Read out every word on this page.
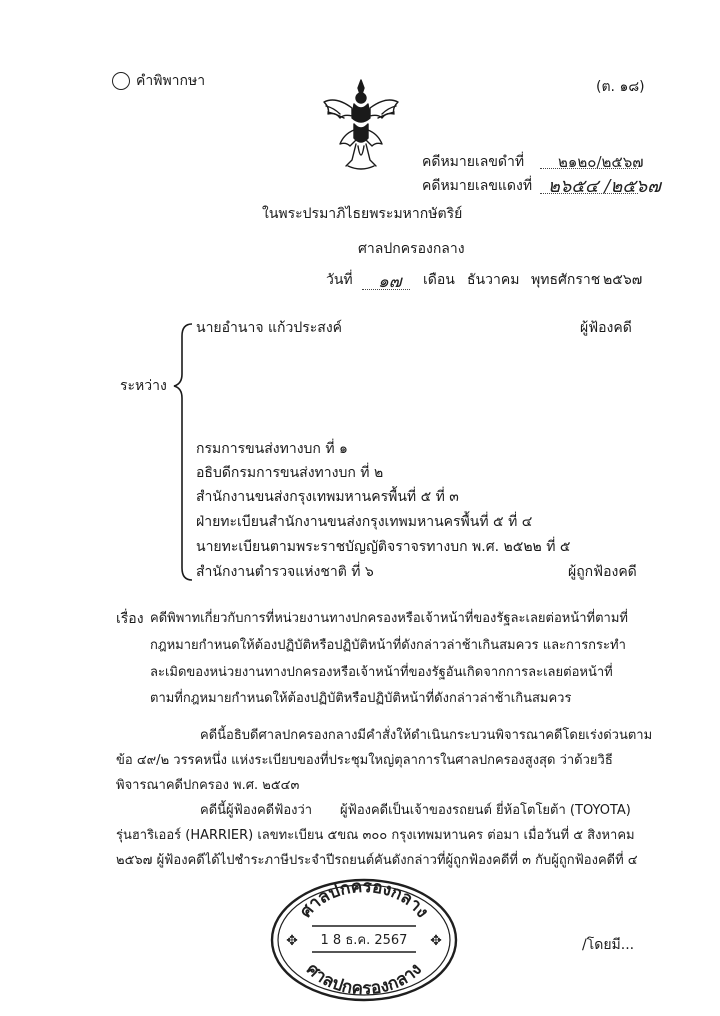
คำพิพากษา	(ต. ๑๘)
คดีหมายเลขดำที่ ๒๑๒๐/๒๕๖๗
คดีหมายเลขแดงที่ ๒๖๕๔ /๒๕๖๗
ในพระปรมาภิไธยพระมหากษัตริย์
ศาลปกครองกลาง
วันที่ ๑๗ เดือน ธันวาคม พุทธศักราช ๒๕๖๗
ระหว่าง
นายอำนาจ แก้วประสงค์	ผู้ฟ้องคดี
กรมการขนส่งทางบก ที่ ๑
อธิบดีกรมการขนส่งทางบก ที่ ๒
สำนักงานขนส่งกรุงเทพมหานครพื้นที่ ๕ ที่ ๓
ฝ่ายทะเบียนสำนักงานขนส่งกรุงเทพมหานครพื้นที่ ๕ ที่ ๔
นายทะเบียนตามพระราชบัญญัติจราจรทางบก พ.ศ. ๒๕๒๒ ที่ ๕
สำนักงานตำรวจแห่งชาติ ที่ ๖	ผู้ถูกฟ้องคดี
เรื่อง คดีพิพาทเกี่ยวกับการที่หน่วยงานทางปกครองหรือเจ้าหน้าที่ของรัฐละเลยต่อหน้าที่ตามที่
กฎหมายกำหนดให้ต้องปฏิบัติหรือปฏิบัติหน้าที่ดังกล่าวล่าช้าเกินสมควร และการกระทำ
ละเมิดของหน่วยงานทางปกครองหรือเจ้าหน้าที่ของรัฐอันเกิดจากการละเลยต่อหน้าที่
ตามที่กฎหมายกำหนดให้ต้องปฏิบัติหรือปฏิบัติหน้าที่ดังกล่าวล่าช้าเกินสมควร
คดีนี้อธิบดีศาลปกครองกลางมีคำสั่งให้ดำเนินกระบวนพิจารณาคดีโดยเร่งด่วนตาม
ข้อ ๔๙/๒ วรรคหนึ่ง แห่งระเบียบของที่ประชุมใหญ่ตุลาการในศาลปกครองสูงสุด ว่าด้วยวิธี
พิจารณาคดีปกครอง พ.ศ. ๒๕๔๓
คดีนี้ผู้ฟ้องคดีฟ้องว่า ผู้ฟ้องคดีเป็นเจ้าของรถยนต์ ยี่ห้อโตโยต้า (TOYOTA)
รุ่นฮาริเออร์ (HARRIER) เลขทะเบียน ๕ขณ ๓๐๐ กรุงเทพมหานคร ต่อมา เมื่อวันที่ ๕ สิงหาคม
๒๕๖๗ ผู้ฟ้องคดีได้ไปชำระภาษีประจำปีรถยนต์คันดังกล่าวที่ผู้ถูกฟ้องคดีที่ ๓ กับผู้ถูกฟ้องคดีที่ ๔
ศาลปกครองกลาง
ศาลปกครองกลาง
1 8 ธ.ค. 2567
✥	✥	/โดยมี...
